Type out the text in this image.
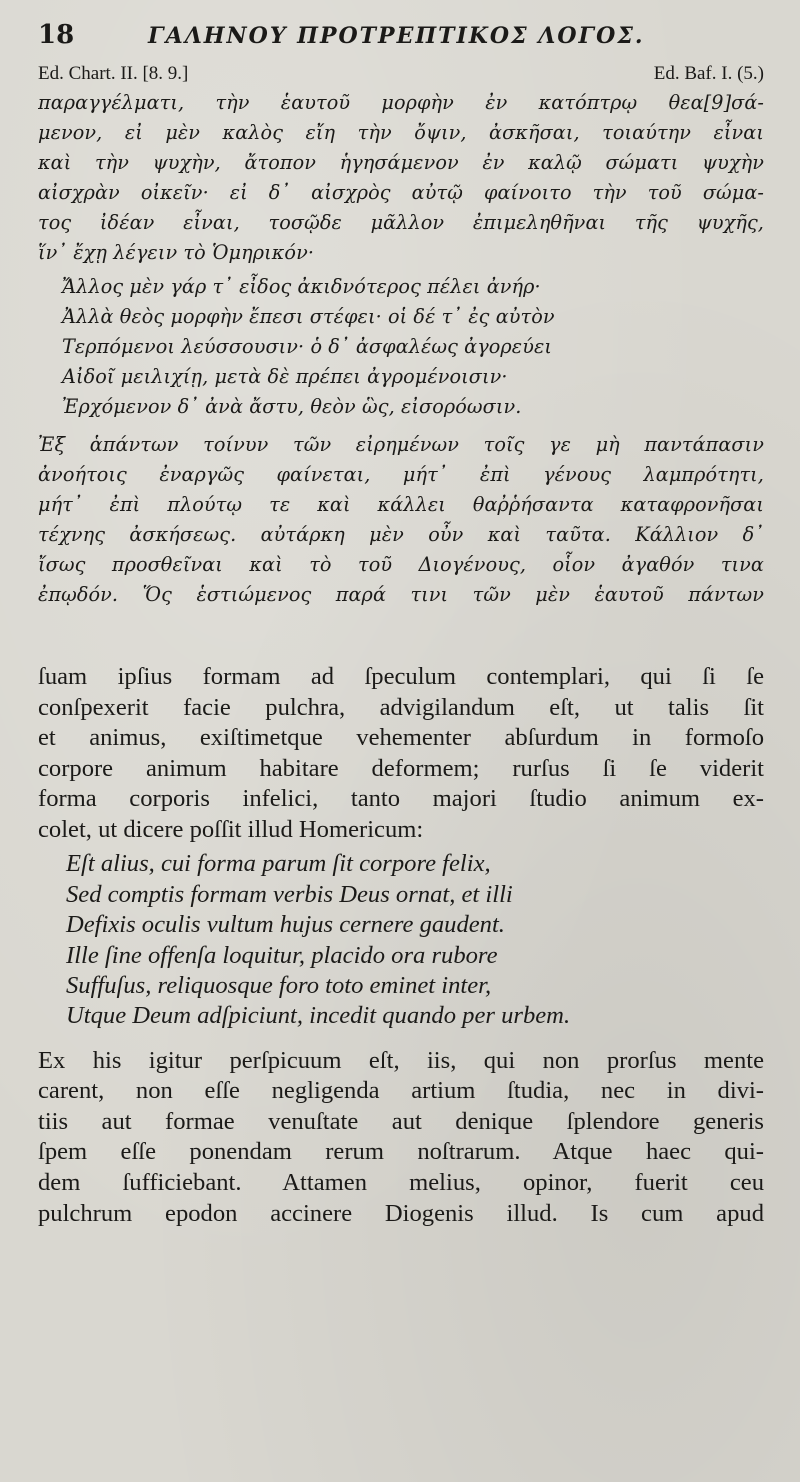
18	ΓΑΛΗΝΟΥ ΠΡΟΤΡΕΠΤΙΚΟΣ ΛΟΓΟΣ.
Ed. Chart. II. [8. 9.]	Ed. Baf. I. (5.)
παραγγέλματι, τὴν ἑαυτοῦ μορφὴν ἐν κατόπτρῳ θεα[9]σά-
μενον, εἰ μὲν καλὸς εἴη τὴν ὄψιν, ἀσκῆσαι, τοιαύτην εἶναι
καὶ τὴν ψυχὴν, ἄτοπον ἡγησάμενον ἐν καλῷ σώματι ψυχὴν
αἰσχρὰν οἰκεῖν· εἰ δ᾽ αἰσχρὸς αὐτῷ φαίνοιτο τὴν τοῦ σώμα-
τος ἰδέαν εἶναι, τοσῷδε μᾶλλον ἐπιμεληθῆναι τῆς ψυχῆς,
ἵν᾽ ἔχῃ λέγειν τὸ Ὁμηρικόν·
Ἄλλος μὲν γάρ τ᾽ εἶδος ἀκιδνότερος πέλει ἀνήρ·
Ἀλλὰ θεὸς μορφὴν ἔπεσι στέφει· οἱ δέ τ᾽ ἐς αὐτὸν
Τερπόμενοι λεύσσουσιν· ὁ δ᾽ ἀσφαλέως ἀγορεύει
Αἰδοῖ μειλιχίῃ, μετὰ δὲ πρέπει ἀγρομένοισιν·
Ἐρχόμενον δ᾽ ἀνὰ ἄστυ, θεὸν ὣς, εἰσορόωσιν.
Ἐξ ἁπάντων τοίνυν τῶν εἰρημένων τοῖς γε μὴ παντάπασιν
ἀνοήτοις ἐναργῶς φαίνεται, μήτ᾽ ἐπὶ γένους λαμπρότητι,
μήτ᾽ ἐπὶ πλούτῳ τε καὶ κάλλει θαῤῥήσαντα καταφρονῆσαι
τέχνης ἀσκήσεως. αὐτάρκη μὲν οὖν καὶ ταῦτα. Κάλλιον δ᾽
ἴσως προσθεῖναι καὶ τὸ τοῦ Διογένους, οἷον ἀγαθόν τινα
ἐπῳδόν. Ὅς ἑστιώμενος παρά τινι τῶν μὲν ἑαυτοῦ πάντων
ſuam ipſius formam ad ſpeculum contemplari, qui ſi ſe
conſpexerit facie pulchra, advigilandum eſt, ut talis ſit
et animus, exiſtimetque vehementer abſurdum in formoſo
corpore animum habitare deformem; rurſus ſi ſe viderit
forma corporis infelici, tanto majori ſtudio animum ex-
colet, ut dicere poſſit illud Homericum:
Eſt alius, cui forma parum ſit corpore felix,
Sed comptis formam verbis Deus ornat, et illi
Defixis oculis vultum hujus cernere gaudent.
Ille ſine offenſa loquitur, placido ora rubore
Suffuſus, reliquosque foro toto eminet inter,
Utque Deum adſpiciunt, incedit quando per urbem.
Ex his igitur perſpicuum eſt, iis, qui non prorſus mente
carent, non eſſe negligenda artium ſtudia, nec in divi-
tiis aut formae venuſtate aut denique ſplendore generis
ſpem eſſe ponendam rerum noſtrarum. Atque haec qui-
dem ſufficiebant. Attamen melius, opinor, fuerit ceu
pulchrum epodon accinere Diogenis illud. Is cum apud
